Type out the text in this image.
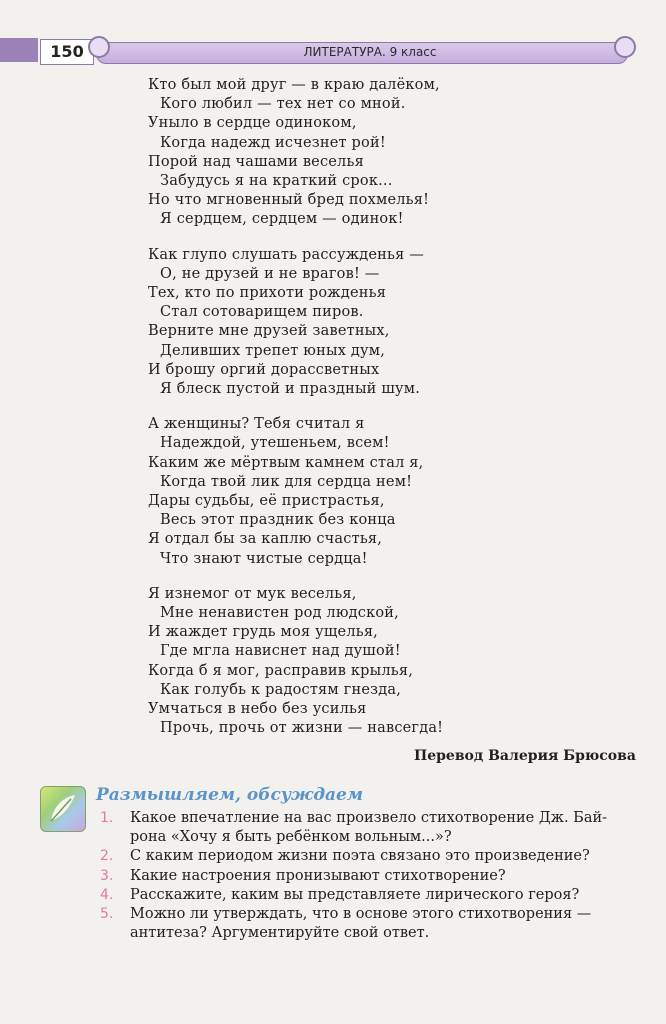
150	ЛИТЕРАТУРА. 9 класс
Кто был мой друг — в краю далёком,
Кого любил — тех нет со мной.
Уныло в сердце одиноком,
Когда надежд исчезнет рой!
Порой над чашами веселья
Забудусь я на краткий срок...
Но что мгновенный бред похмелья!
Я сердцем, сердцем — одинок!
Как глупо слушать рассужденья —
О, не друзей и не врагов! —
Тех, кто по прихоти рожденья
Стал сотоварищем пиров.
Верните мне друзей заветных,
Деливших трепет юных дум,
И брошу оргий дорассветных
Я блеск пустой и праздный шум.
А женщины? Тебя считал я
Надеждой, утешеньем, всем!
Каким же мёртвым камнем стал я,
Когда твой лик для сердца нем!
Дары судьбы, её пристрастья,
Весь этот праздник без конца
Я отдал бы за каплю счастья,
Что знают чистые сердца!
Я изнемог от мук веселья,
Мне ненавистен род людской,
И жаждет грудь моя ущелья,
Где мгла нависнет над душой!
Когда б я мог, расправив крылья,
Как голубь к радостям гнезда,
Умчаться в небо без усилья
Прочь, прочь от жизни — навсегда!
Перевод Валерия Брюсова
Размышляем, обсуждаем
1.	Какое впечатление на вас произвело стихотворение Дж. Бай-
рона «Хочу я быть ребёнком вольным...»?
2.	С каким периодом жизни поэта связано это произведение?
3.	Какие настроения пронизывают стихотворение?
4.	Расскажите, каким вы представляете лирического героя?
5.	Можно ли утверждать, что в основе этого стихотворения —
антитеза? Аргументируйте свой ответ.
